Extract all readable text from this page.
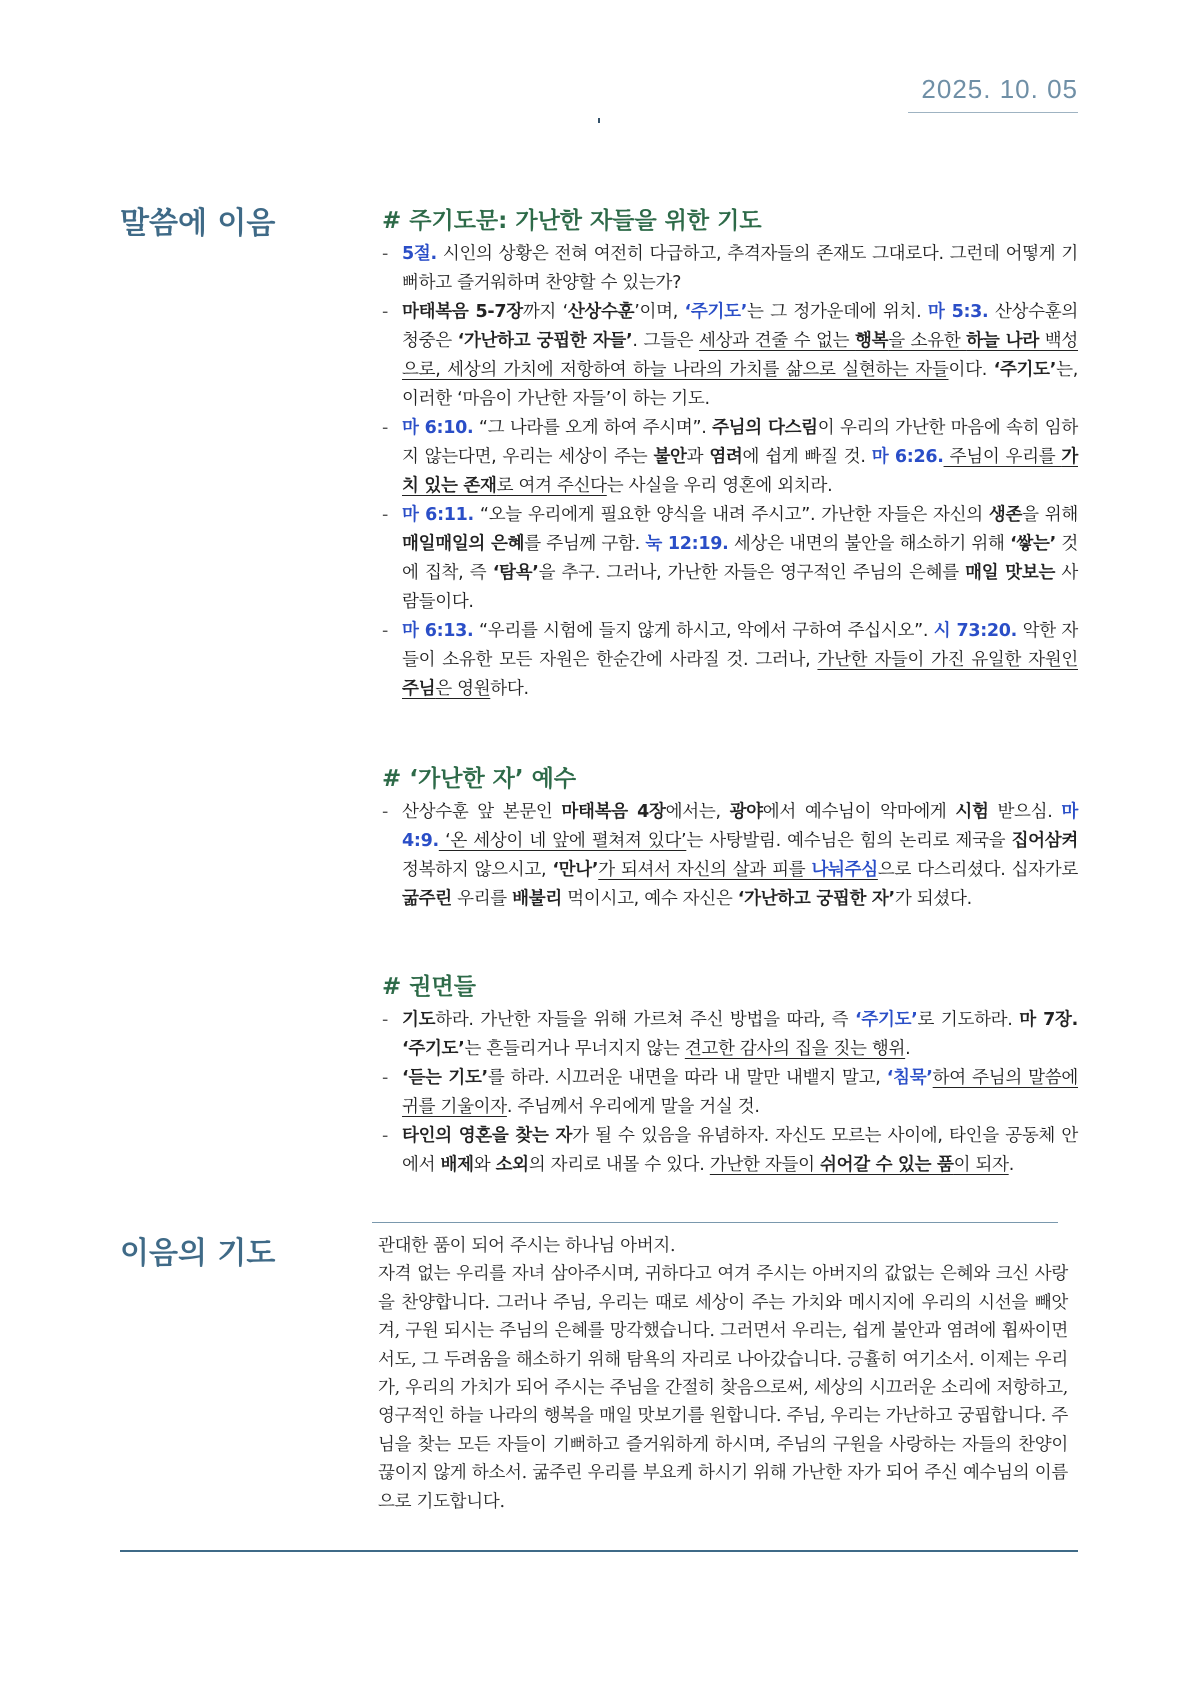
2025. 10. 05
말씀에 이음
이음의 기도
# 주기도문: 가난한 자들을 위한 기도
- 5절. 시인의 상황은 전혀 여전히 다급하고, 추격자들의 존재도 그대로다. 그런데 어떻게 기뻐하고 즐거워하며 찬양할 수 있는가?
- 마태복음 5-7장까지 ‘산상수훈’이며, ‘주기도’는 그 정가운데에 위치. 마 5:3. 산상수훈의 청중은 ‘가난하고 궁핍한 자들’. 그들은 세상과 견줄 수 없는 행복을 소유한 하늘 나라 백성으로, 세상의 가치에 저항하여 하늘 나라의 가치를 삶으로 실현하는 자들이다. ‘주기도’는, 이러한 ‘마음이 가난한 자들’이 하는 기도.
- 마 6:10. “그 나라를 오게 하여 주시며”. 주님의 다스림이 우리의 가난한 마음에 속히 임하지 않는다면, 우리는 세상이 주는 불안과 염려에 쉽게 빠질 것. 마 6:26. 주님이 우리를 가치 있는 존재로 여겨 주신다는 사실을 우리 영혼에 외치라.
- 마 6:11. “오늘 우리에게 필요한 양식을 내려 주시고”. 가난한 자들은 자신의 생존을 위해 매일매일의 은혜를 주님께 구함. 눅 12:19. 세상은 내면의 불안을 해소하기 위해 ‘쌓는’ 것에 집착, 즉 ‘탐욕’을 추구. 그러나, 가난한 자들은 영구적인 주님의 은혜를 매일 맛보는 사람들이다.
- 마 6:13. “우리를 시험에 들지 않게 하시고, 악에서 구하여 주십시오”. 시 73:20. 악한 자들이 소유한 모든 자원은 한순간에 사라질 것. 그러나, 가난한 자들이 가진 유일한 자원인 주님은 영원하다.
# ‘가난한 자’ 예수
- 산상수훈 앞 본문인 마태복음 4장에서는, 광야에서 예수님이 악마에게 시험 받으심. 마 4:9. ‘온 세상이 네 앞에 펼쳐져 있다’는 사탕발림. 예수님은 힘의 논리로 제국을 집어삼켜 정복하지 않으시고, ‘만나’가 되셔서 자신의 살과 피를 나눠주심으로 다스리셨다. 십자가로 굶주린 우리를 배불리 먹이시고, 예수 자신은 ‘가난하고 궁핍한 자’가 되셨다.
# 권면들
- 기도하라. 가난한 자들을 위해 가르쳐 주신 방법을 따라, 즉 ‘주기도’로 기도하라. 마 7장. ‘주기도’는 흔들리거나 무너지지 않는 견고한 감사의 집을 짓는 행위.
- ‘듣는 기도’를 하라. 시끄러운 내면을 따라 내 말만 내뱉지 말고, ‘침묵’하여 주님의 말씀에 귀를 기울이자. 주님께서 우리에게 말을 거실 것.
- 타인의 영혼을 찾는 자가 될 수 있음을 유념하자. 자신도 모르는 사이에, 타인을 공동체 안에서 배제와 소외의 자리로 내몰 수 있다. 가난한 자들이 쉬어갈 수 있는 품이 되자.

관대한 품이 되어 주시는 하나님 아버지.

자격 없는 우리를 자녀 삼아주시며, 귀하다고 여겨 주시는 아버지의 값없는 은혜와 크신 사랑을 찬양합니다. 그러나 주님, 우리는 때로 세상이 주는 가치와 메시지에 우리의 시선을 빼앗겨, 구원 되시는 주님의 은혜를 망각했습니다. 그러면서 우리는, 쉽게 불안과 염려에 휩싸이면서도, 그 두려움을 해소하기 위해 탐욕의 자리로 나아갔습니다. 긍휼히 여기소서. 이제는 우리가, 우리의 가치가 되어 주시는 주님을 간절히 찾음으로써, 세상의 시끄러운 소리에 저항하고, 영구적인 하늘 나라의 행복을 매일 맛보기를 원합니다. 주님, 우리는 가난하고 궁핍합니다. 주님을 찾는 모든 자들이 기뻐하고 즐거워하게 하시며, 주님의 구원을 사랑하는 자들의 찬양이 끊이지 않게 하소서. 굶주린 우리를 부요케 하시기 위해 가난한 자가 되어 주신 예수님의 이름으로 기도합니다.
